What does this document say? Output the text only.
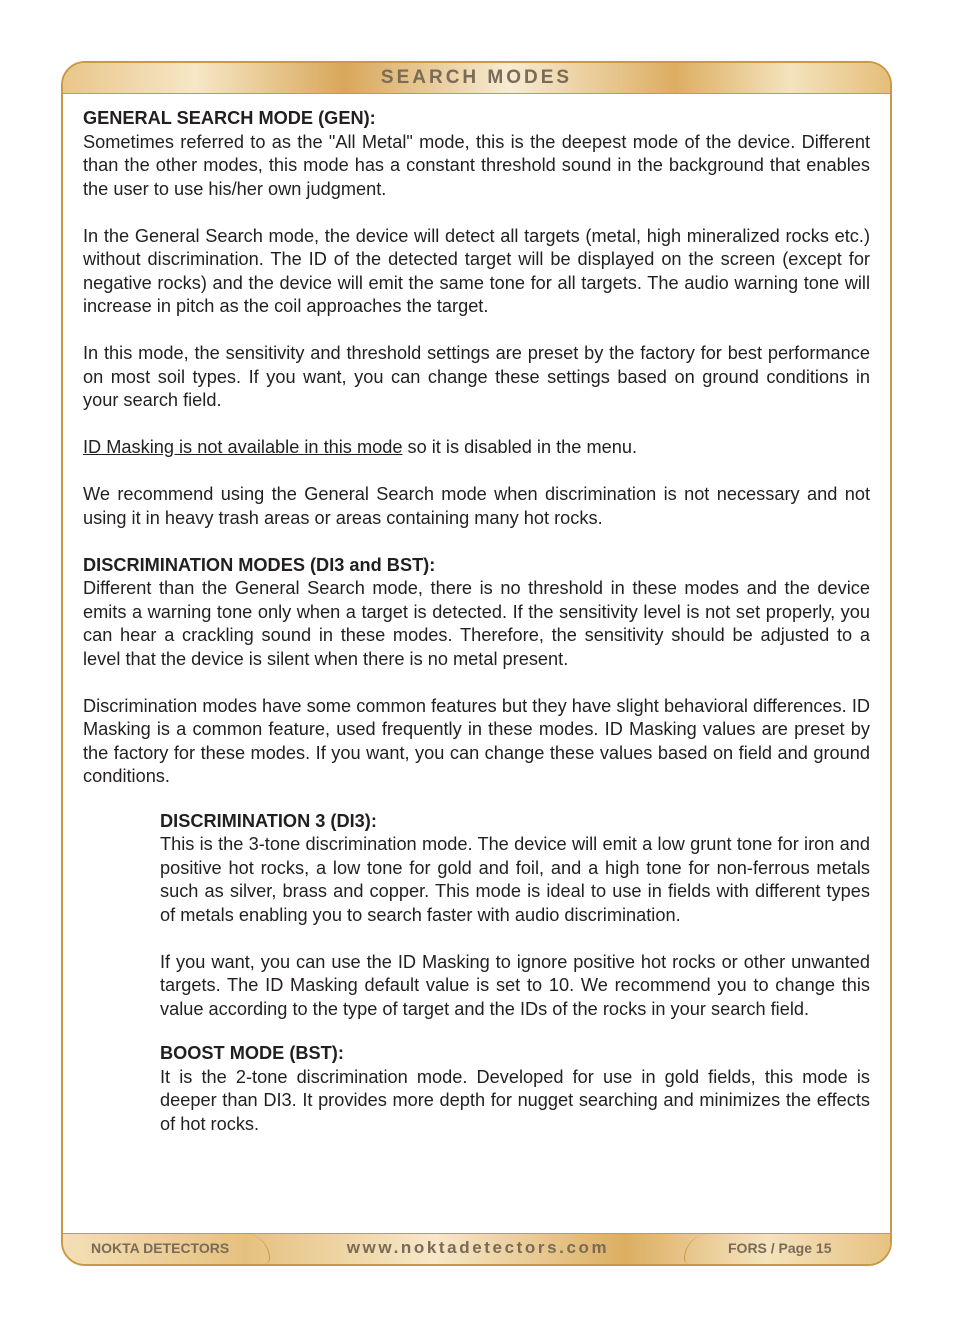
SEARCH MODES
GENERAL SEARCH MODE (GEN):

Sometimes referred to as the "All Metal" mode, this is the deepest mode of the device. Different than the other modes, this mode has a constant threshold sound in the background that enables the user to use his/her own judgment.

In the General Search mode, the device will detect all targets (metal, high mineralized rocks etc.) without discrimination. The ID of the detected target will be displayed on the screen (except for negative rocks) and the device will emit the same tone for all targets. The audio warning tone will increase in pitch as the coil approaches the target.

In this mode, the sensitivity and threshold settings are preset by the factory for best performance on most soil types. If you want, you can change these settings based on ground conditions in your search field.

ID Masking is not available in this mode so it is disabled in the menu.

We recommend using the General Search mode when discrimination is not necessary and not using it in heavy trash areas or areas containing many hot rocks.

DISCRIMINATION MODES (DI3 and BST):

Different than the General Search mode, there is no threshold in these modes and the device emits a warning tone only when a target is detected. If the sensitivity level is not set properly, you can hear a crackling sound in these modes. Therefore, the sensitivity should be adjusted to a level that the device is silent when there is no metal present.

Discrimination modes have some common features but they have slight behavioral differences. ID Masking is a common feature, used frequently in these modes. ID Masking values are preset by the factory for these modes. If you want, you can change these values based on field and ground conditions.

DISCRIMINATION 3 (DI3):

This is the 3-tone discrimination mode. The device will emit a low grunt tone for iron and positive hot rocks, a low tone for gold and foil, and a high tone for non-ferrous metals such as silver, brass and copper. This mode is ideal to use in fields with different types of metals enabling you to search faster with audio discrimination.

If you want, you can use the ID Masking to ignore positive hot rocks or other unwanted targets. The ID Masking default value is set to 10. We recommend you to change this value according to the type of target and the IDs of the rocks in your search field.

BOOST MODE (BST):

It is the 2-tone discrimination mode. Developed for use in gold fields, this mode is deeper than DI3. It provides more depth for nugget searching and minimizes the effects of hot rocks.

NOKTA DETECTORS	www.noktadetectors.com	FORS / Page 15
